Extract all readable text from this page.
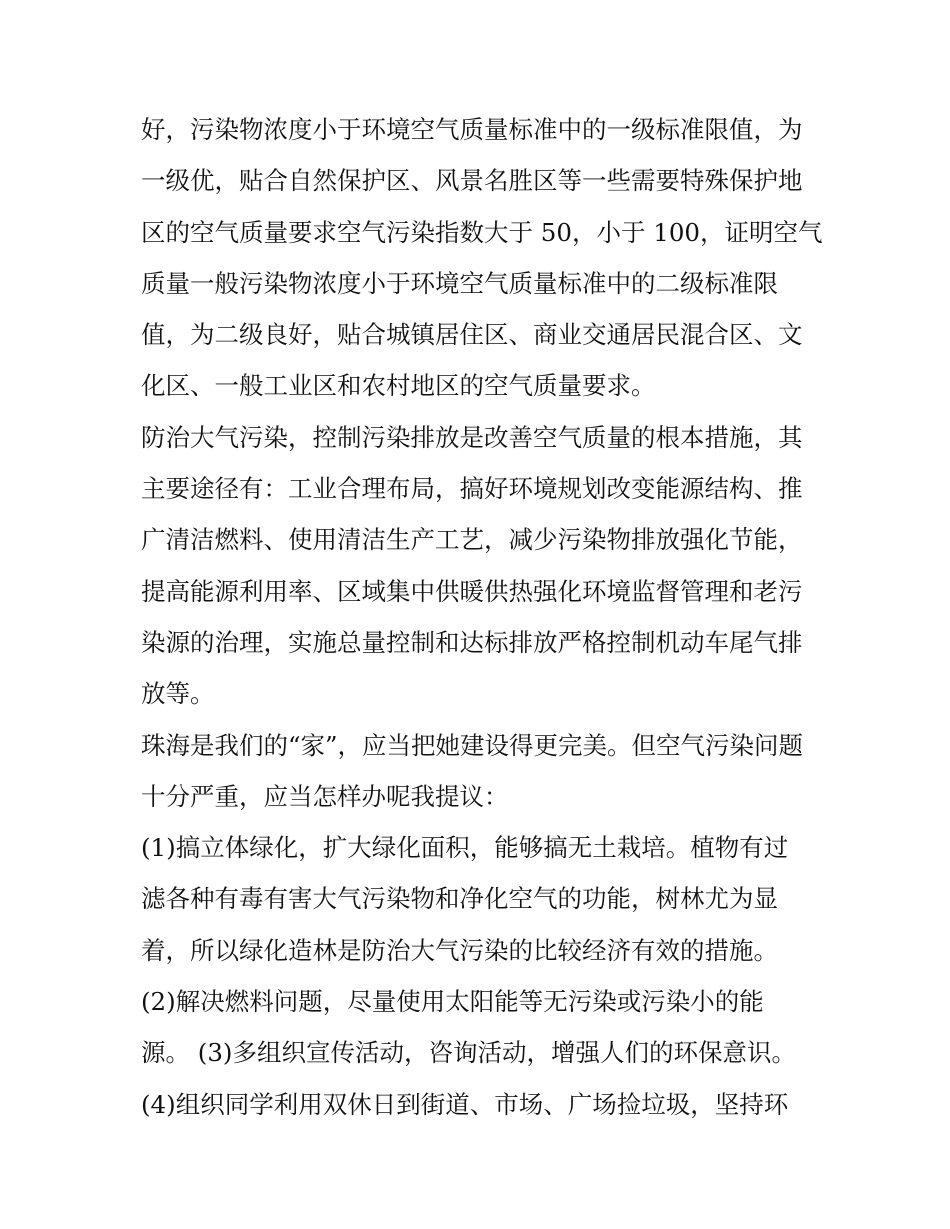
好，污染物浓度小于环境空气质量标准中的一级标准限值，为
一级优，贴合自然保护区、风景名胜区等一些需要特殊保护地
区的空气质量要求空气污染指数大于 50，小于 100，证明空气
质量一般污染物浓度小于环境空气质量标准中的二级标准限
值，为二级良好，贴合城镇居住区、商业交通居民混合区、文
化区、一般工业区和农村地区的空气质量要求。
防治大气污染，控制污染排放是改善空气质量的根本措施，其
主要途径有：工业合理布局，搞好环境规划改变能源结构、推
广清洁燃料、使用清洁生产工艺，减少污染物排放强化节能，
提高能源利用率、区域集中供暖供热强化环境监督管理和老污
染源的治理，实施总量控制和达标排放严格控制机动车尾气排
放等。
珠海是我们的“家”，应当把她建设得更完美。但空气污染问题
十分严重，应当怎样办呢我提议：
(1)搞立体绿化，扩大绿化面积，能够搞无土栽培。植物有过
滤各种有毒有害大气污染物和净化空气的功能，树林尤为显
着，所以绿化造林是防治大气污染的比较经济有效的措施。
(2)解决燃料问题，尽量使用太阳能等无污染或污染小的能
源。 (3)多组织宣传活动，咨询活动，增强人们的环保意识。
(4)组织同学利用双休日到街道、市场、广场捡垃圾，坚持环
